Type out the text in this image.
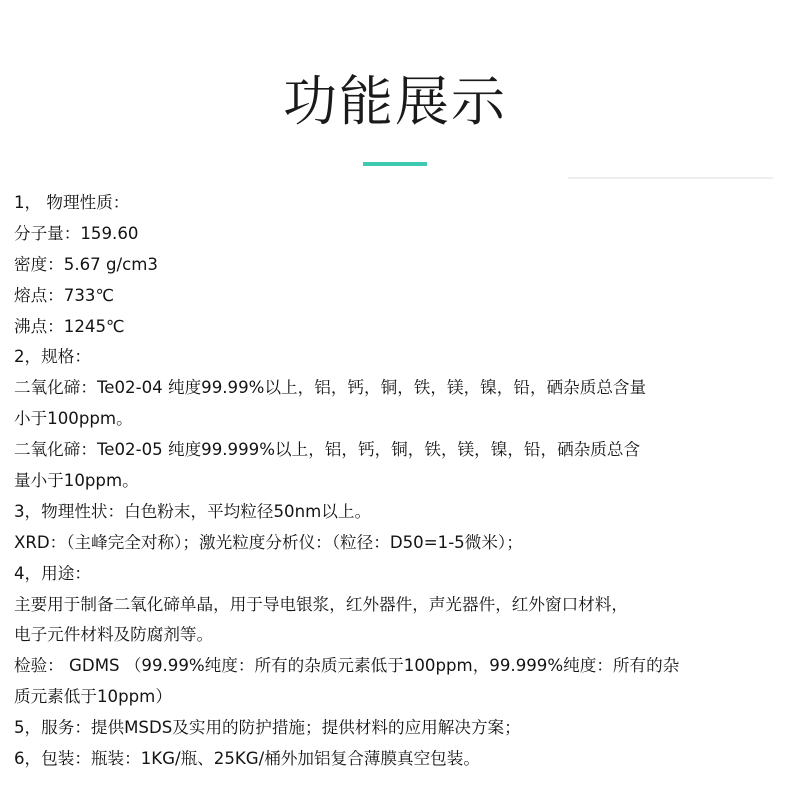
功能展示
1， 物理性质：
分子量：159.60
密度：5.67 g/cm3
熔点：733℃
沸点：1245℃
2，规格：
二氧化碲：Te02-04 纯度99.99%以上，铝，钙，铜，铁，镁，镍，铅，硒杂质总含量
小于100ppm。
二氧化碲：Te02-05 纯度99.999%以上，铝，钙，铜，铁，镁，镍，铅，硒杂质总含
量小于10ppm。
3，物理性状：白色粉末，平均粒径50nm以上。
XRD：（主峰完全对称）；激光粒度分析仪：（粒径：D50=1-5微米）；
4，用途：
主要用于制备二氧化碲单晶，用于导电银浆，红外器件，声光器件，红外窗口材料，
电子元件材料及防腐剂等。
检验： GDMS （99.99%纯度：所有的杂质元素低于100ppm，99.999%纯度：所有的杂
质元素低于10ppm）
5，服务：提供MSDS及实用的防护措施；提供材料的应用解决方案；
6，包装：瓶装：1KG/瓶、25KG/桶外加铝复合薄膜真空包装。
